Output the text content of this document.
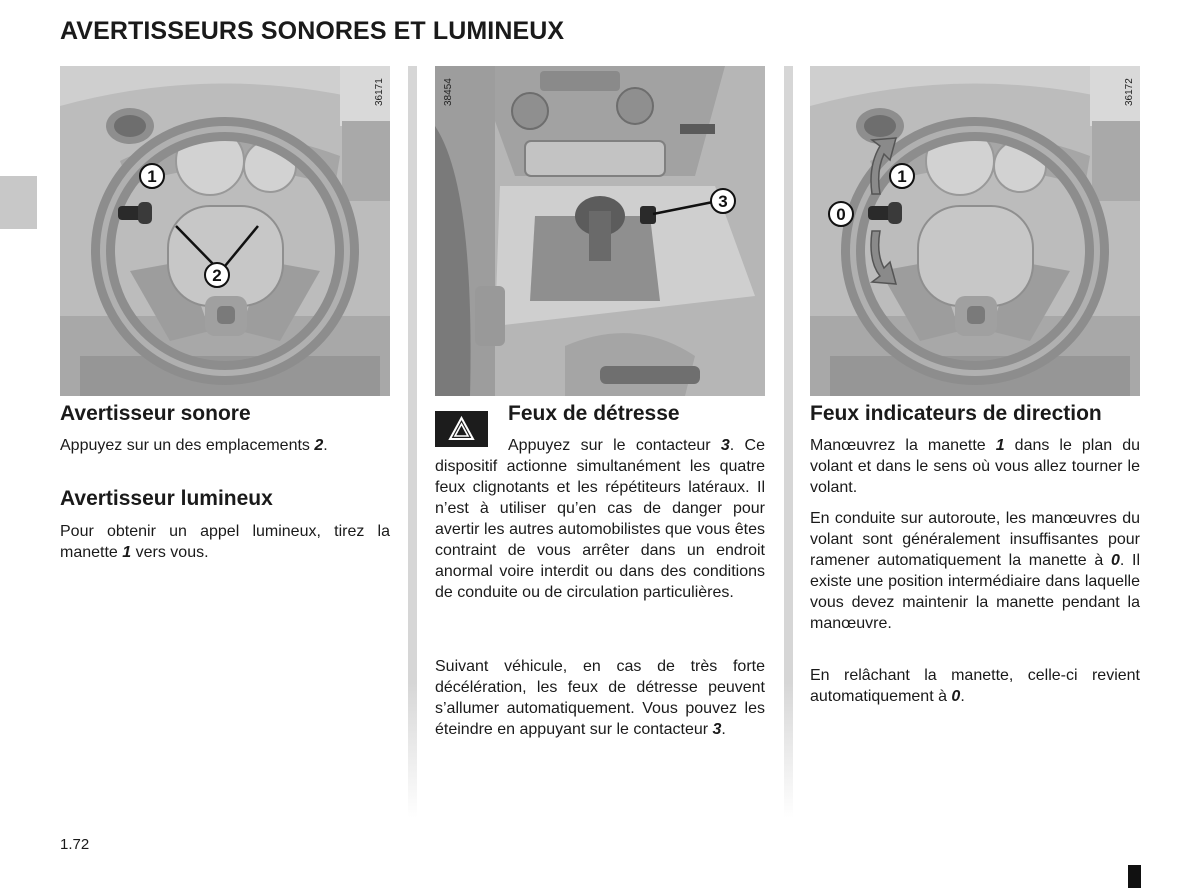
AVERTISSEURS SONORES ET LUMINEUX
1
2
36171
3
38454
1
0
36172
Avertisseur sonore

Appuyez sur un des emplacements 2.

Avertisseur lumineux

Pour obtenir un appel lumineux, tirez la manette 1 vers vous.

Feux de détresse

Appuyez sur le contacteur 3. Ce dispositif actionne simultanément les quatre feux clignotants et les répétiteurs latéraux. Il n’est à utiliser qu’en cas de danger pour avertir les autres automobilistes que vous êtes contraint de vous arrêter dans un endroit anormal voire interdit ou dans des conditions de conduite ou de circulation particulières.

Suivant véhicule, en cas de très forte décélération, les feux de détresse peuvent s’allumer automatiquement. Vous pouvez les éteindre en appuyant sur le contacteur 3.

Feux indicateurs de direction

Manœuvrez la manette 1 dans le plan du volant et dans le sens où vous allez tourner le volant.

En conduite sur autoroute, les manœuvres du volant sont généralement insuffisantes pour ramener automatiquement la manette à 0. Il existe une position intermédiaire dans laquelle vous devez maintenir la manette pendant la manœuvre.

En relâchant la manette, celle-ci revient automatiquement à 0.

1.72
